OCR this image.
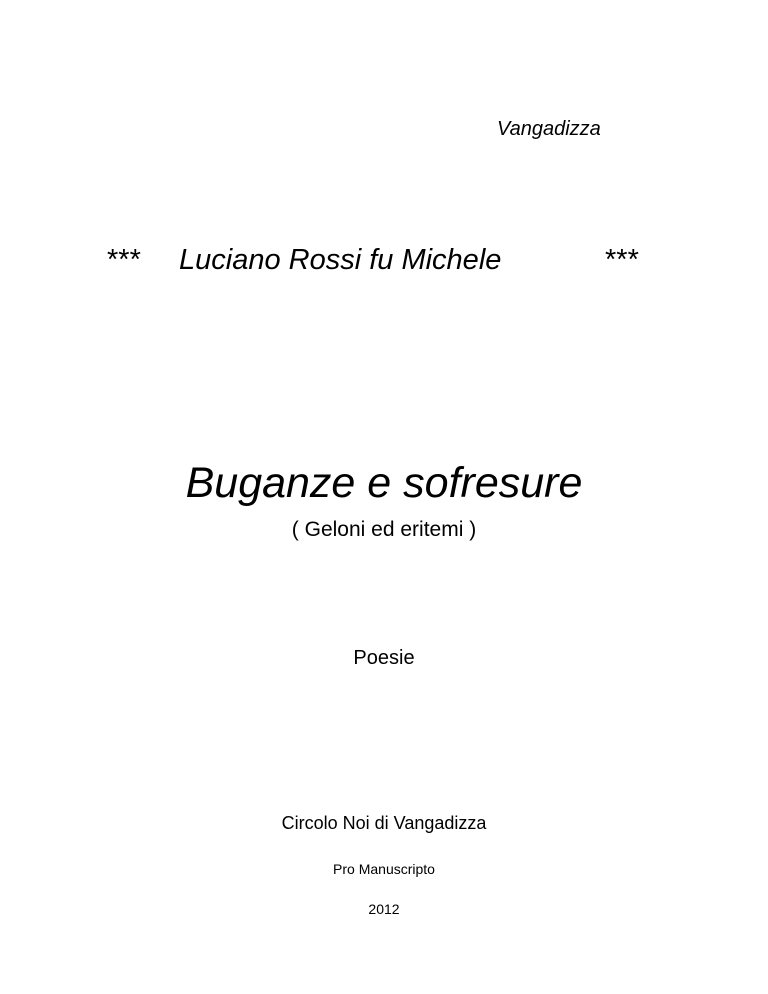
Vangadizza
*** Luciano Rossi fu Michele	***
Buganze e sofresure
( Geloni ed eritemi )
Poesie
Circolo Noi di Vangadizza
Pro Manuscripto
2012
